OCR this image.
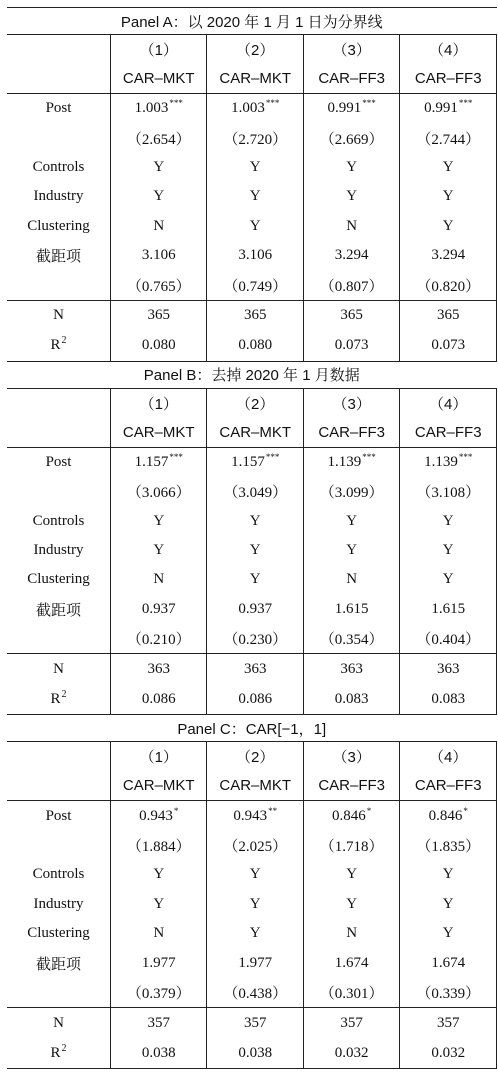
Panel A：以 2020 年 1 月 1 日为分界线				
	（1）	（2）	（3）	（4）
	CAR–MKT	CAR–MKT	CAR–FF3	CAR–FF3
Post	1.003***	1.003***	0.991***	0.991***
	（2.654）	（2.720）	（2.669）	（2.744）
Controls	Y	Y	Y	Y
Industry	Y	Y	Y	Y
Clustering	N	Y	N	Y
截距项	3.106	3.106	3.294	3.294
	（0.765）	（0.749）	（0.807）	（0.820）
N	365	365	365	365
$R^2$	0.080	0.080	0.073	0.073
Panel B：去掉 2020 年 1 月数据				
	（1）	（2）	（3）	（4）
	CAR–MKT	CAR–MKT	CAR–FF3	CAR–FF3
Post	1.157***	1.157***	1.139***	1.139***
	（3.066）	（3.049）	（3.099）	（3.108）
Controls	Y	Y	Y	Y
Industry	Y	Y	Y	Y
Clustering	N	Y	N	Y
截距项	0.937	0.937	1.615	1.615
	（0.210）	（0.230）	（0.354）	（0.404）
N	363	363	363	363
$R^2$	0.086	0.086	0.083	0.083
Panel C：CAR[−1，1]				
	（1）	（2）	（3）	（4）
	CAR–MKT	CAR–MKT	CAR–FF3	CAR–FF3
Post	0.943*	0.943**	0.846*	0.846*
	（1.884）	（2.025）	（1.718）	（1.835）
Controls	Y	Y	Y	Y
Industry	Y	Y	Y	Y
Clustering	N	Y	N	Y
截距项	1.977	1.977	1.674	1.674
	（0.379）	（0.438）	（0.301）	（0.339）
N	357	357	357	357
$R^2$	0.038	0.038	0.032	0.032
